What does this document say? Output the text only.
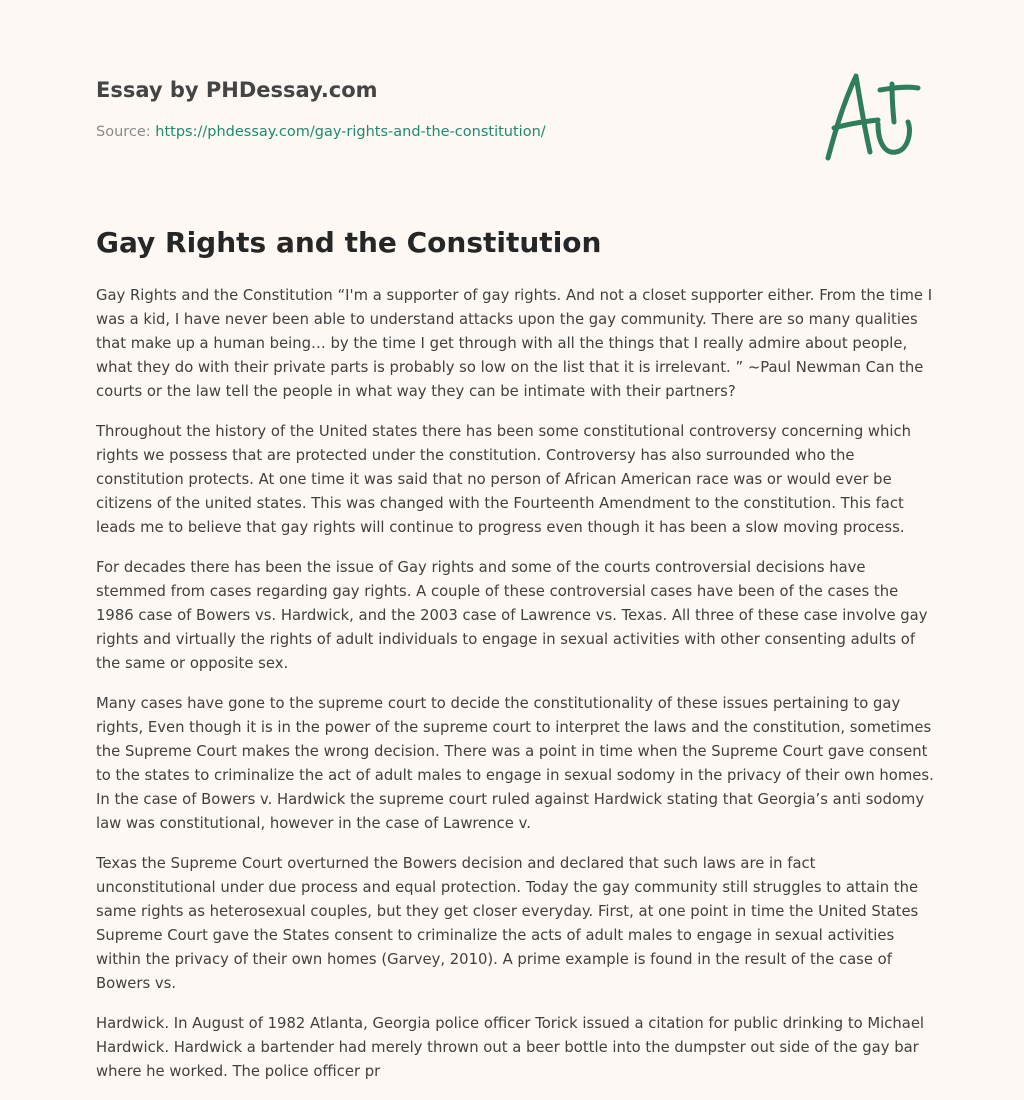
Essay by PHDessay.com
Source: https://phdessay.com/gay-rights-and-the-constitution/
Gay Rights and the Constitution

Gay Rights and the Constitution “I'm a supporter of gay rights. And not a closet supporter either. From the time I was a kid, I have never been able to understand attacks upon the gay community. There are so many qualities that make up a human being… by the time I get through with all the things that I really admire about people, what they do with their private parts is probably so low on the list that it is irrelevant. ” ~Paul Newman Can the courts or the law tell the people in what way they can be intimate with their partners?

Throughout the history of the United states there has been some constitutional controversy concerning which rights we possess that are protected under the constitution. Controversy has also surrounded who the constitution protects. At one time it was said that no person of African American race was or would ever be citizens of the united states. This was changed with the Fourteenth Amendment to the constitution. This fact leads me to believe that gay rights will continue to progress even though it has been a slow moving process.

For decades there has been the issue of Gay rights and some of the courts controversial decisions have stemmed from cases regarding gay rights. A couple of these controversial cases have been of the cases the 1986 case of Bowers vs. Hardwick, and the 2003 case of Lawrence vs. Texas. All three of these case involve gay rights and virtually the rights of adult individuals to engage in sexual activities with other consenting adults of the same or opposite sex.

Many cases have gone to the supreme court to decide the constitutionality of these issues pertaining to gay rights, Even though it is in the power of the supreme court to interpret the laws and the constitution, sometimes the Supreme Court makes the wrong decision. There was a point in time when the Supreme Court gave consent to the states to criminalize the act of adult males to engage in sexual sodomy in the privacy of their own homes. In the case of Bowers v. Hardwick the supreme court ruled against Hardwick stating that Georgia’s anti sodomy law was constitutional, however in the case of Lawrence v.

Texas the Supreme Court overturned the Bowers decision and declared that such laws are in fact unconstitutional under due process and equal protection. Today the gay community still struggles to attain the same rights as heterosexual couples, but they get closer everyday. First, at one point in time the United States Supreme Court gave the States consent to criminalize the acts of adult males to engage in sexual activities within the privacy of their own homes (Garvey, 2010). A prime example is found in the result of the case of Bowers vs.

Hardwick. In August of 1982 Atlanta, Georgia police officer Torick issued a citation for public drinking to Michael Hardwick. Hardwick a bartender had merely thrown out a beer bottle into the dumpster out side of the gay bar where he worked. The police officer pr
